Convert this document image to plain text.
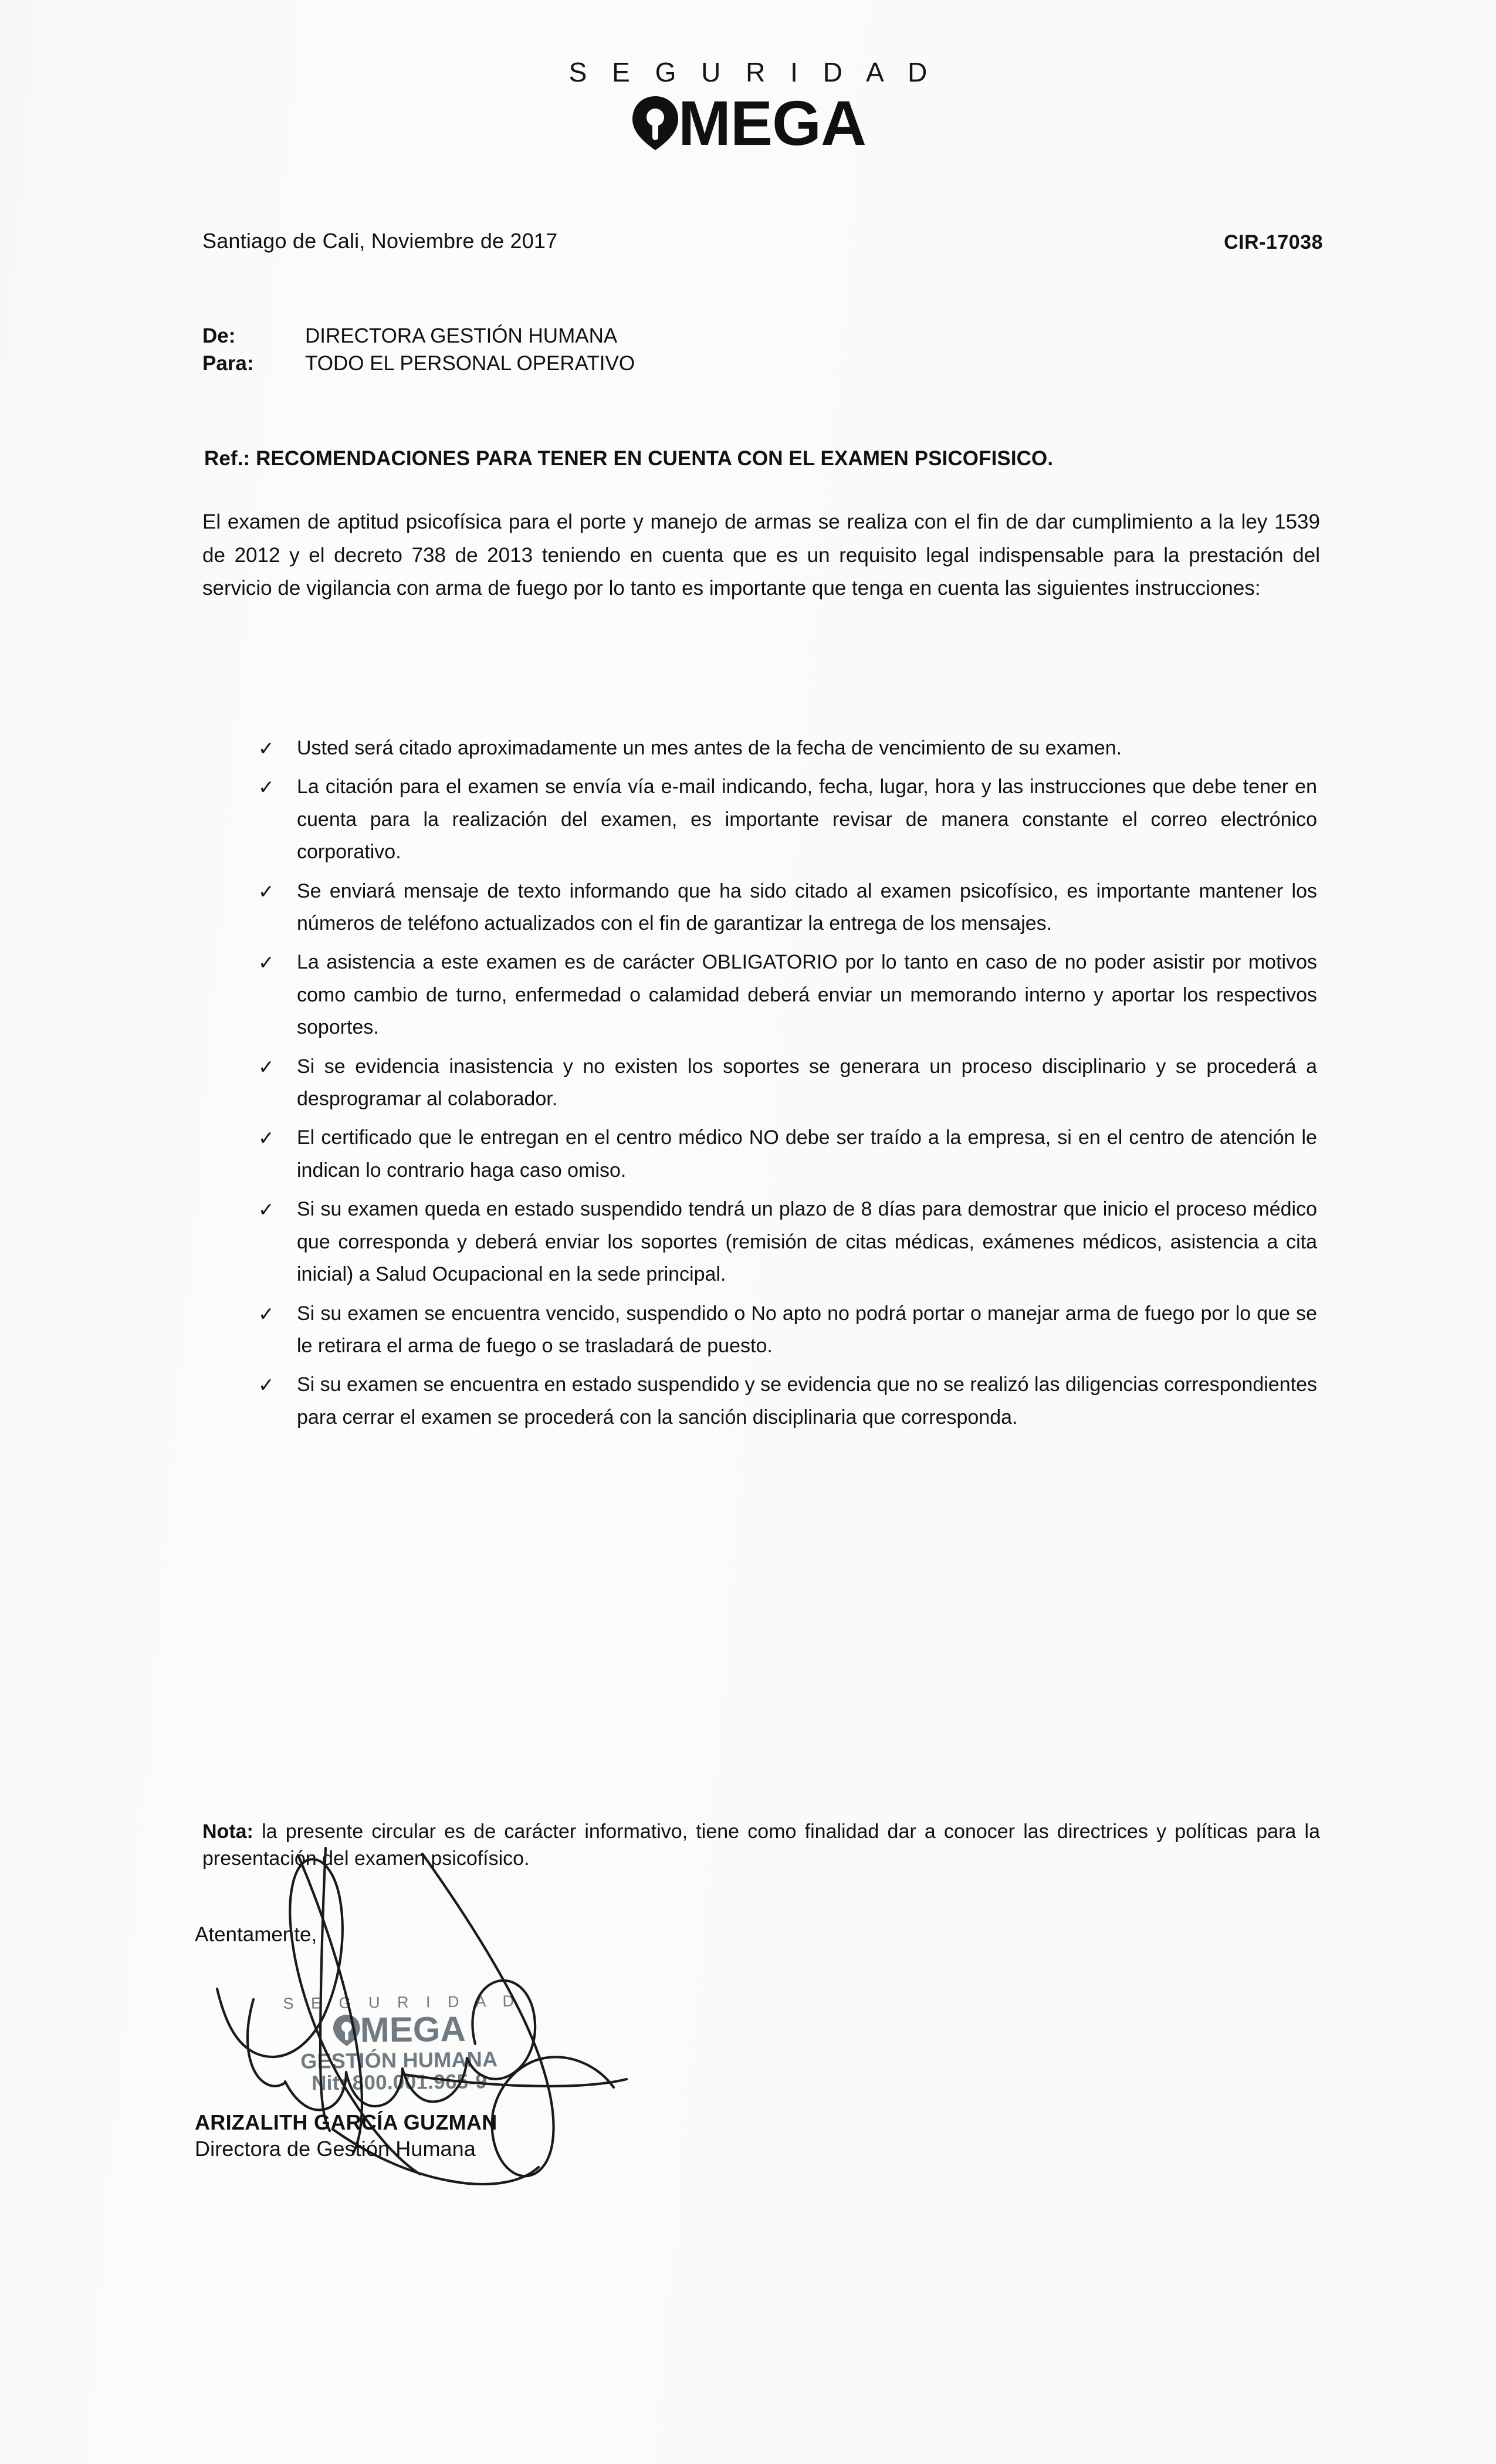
S E G U R I D A D
MEGA
Santiago de Cali, Noviembre de 2017	CIR-17038
De:	DIRECTORA GESTIÓN HUMANA
Para:	TODO EL PERSONAL OPERATIVO
Ref.: RECOMENDACIONES PARA TENER EN CUENTA CON EL EXAMEN PSICOFISICO.
El examen de aptitud psicofísica para el porte y manejo de armas se realiza con el fin de dar cumplimiento a la ley 1539 de 2012 y el decreto 738 de 2013 teniendo en cuenta que es un requisito legal indispensable para la prestación del servicio de vigilancia con arma de fuego por lo tanto es importante que tenga en cuenta las siguientes instrucciones:
✓	Usted será citado aproximadamente un mes antes de la fecha de vencimiento de su examen.
✓	La citación para el examen se envía vía e-mail indicando, fecha, lugar, hora y las instrucciones que debe tener en cuenta para la realización del examen, es importante revisar de manera constante el correo electrónico corporativo.
✓	Se enviará mensaje de texto informando que ha sido citado al examen psicofísico, es importante mantener los números de teléfono actualizados con el fin de garantizar la entrega de los mensajes.
✓	La asistencia a este examen es de carácter OBLIGATORIO por lo tanto en caso de no poder asistir por motivos como cambio de turno, enfermedad o calamidad deberá enviar un memorando interno y aportar los respectivos soportes.
✓	Si se evidencia inasistencia y no existen los soportes se generara un proceso disciplinario y se procederá a desprogramar al colaborador.
✓	El certificado que le entregan en el centro médico NO debe ser traído a la empresa, si en el centro de atención le indican lo contrario haga caso omiso.
✓	Si su examen queda en estado suspendido tendrá un plazo de 8 días para demostrar que inicio el proceso médico que corresponda y deberá enviar los soportes (remisión de citas médicas, exámenes médicos, asistencia a cita inicial) a Salud Ocupacional en la sede principal.
✓	Si su examen se encuentra vencido, suspendido o No apto no podrá portar o manejar arma de fuego por lo que se le retirara el arma de fuego o se trasladará de puesto.
✓	Si su examen se encuentra en estado suspendido y se evidencia que no se realizó las diligencias correspondientes para cerrar el examen se procederá con la sanción disciplinaria que corresponda.
Nota: la presente circular es de carácter informativo, tiene como finalidad dar a conocer las directrices y políticas para la presentación del examen psicofísico.
Atentamente,
S E G U R I D A D
MEGA
GESTIÓN HUMANA
Nit: 800.001.965-9
ARIZALITH GARCÍA GUZMAN
Directora de Gestión Humana
